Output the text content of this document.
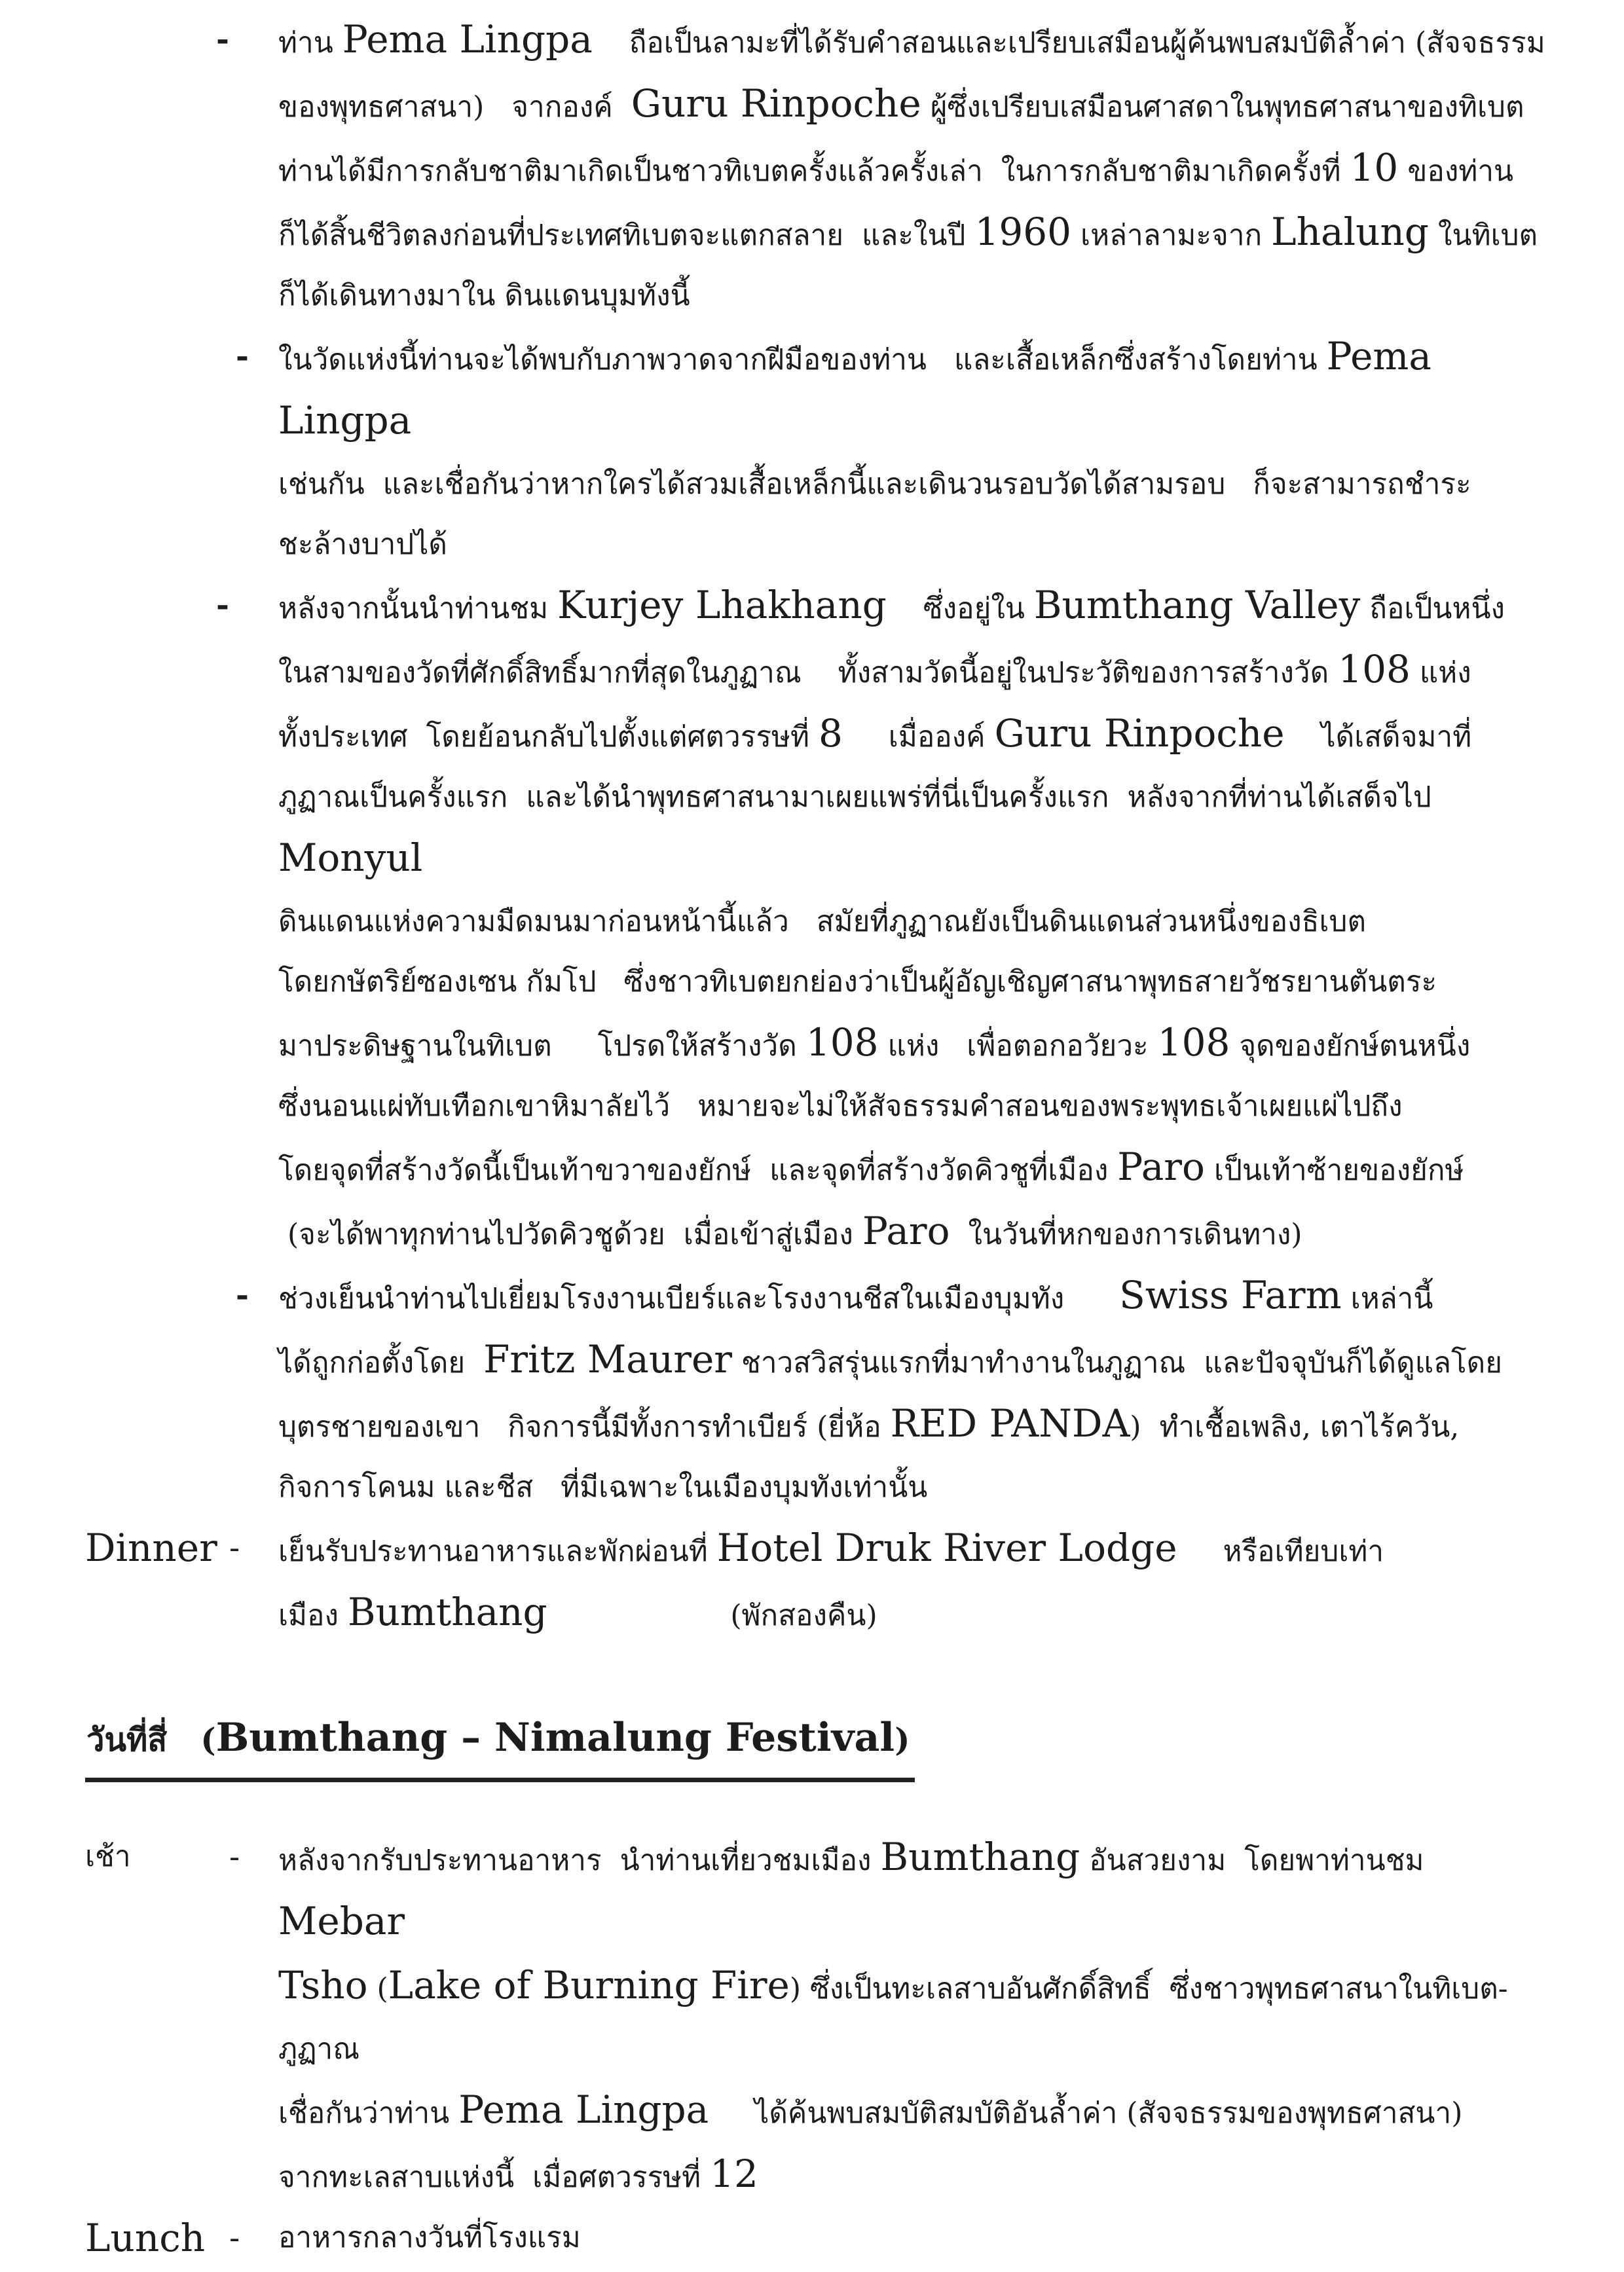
- ท่าน Pema Lingpa    ถือเป็นลามะที่ได้รับคำสอนและเปรียบเสมือนผู้ค้นพบสมบัติล้ำค่า (สัจจธรรม
ของพุทธศาสนา)   จากองค์  Guru Rinpoche ผู้ซึ่งเปรียบเสมือนศาสดาในพุทธศาสนาของทิเบต
ท่านได้มีการกลับชาติมาเกิดเป็นชาวทิเบตครั้งแล้วครั้งเล่า  ในการกลับชาติมาเกิดครั้งที่ 10 ของท่าน
ก็ได้สิ้นชีวิตลงก่อนที่ประเทศทิเบตจะแตกสลาย  และในปี 1960 เหล่าลามะจาก Lhalung ในทิเบต
ก็ได้เดินทางมาใน ดินแดนบุมทังนี้
- ในวัดแห่งนี้ท่านจะได้พบกับภาพวาดจากฝีมือของท่าน   และเสื้อเหล็กซึ่งสร้างโดยท่าน Pema Lingpa
เช่นกัน  และเชื่อกันว่าหากใครได้สวมเสื้อเหล็กนี้และเดินวนรอบวัดได้สามรอบ   ก็จะสามารถชำระ
ชะล้างบาปได้
- หลังจากนั้นนำท่านชม Kurjey Lhakhang    ซึ่งอยู่ใน Bumthang Valley ถือเป็นหนึ่ง
ในสามของวัดที่ศักดิ์สิทธิ์มากที่สุดในภูฏาณ    ทั้งสามวัดนี้อยู่ในประวัติของการสร้างวัด 108 แห่ง
ทั้งประเทศ  โดยย้อนกลับไปตั้งแต่ศตวรรษที่ 8     เมื่อองค์ Guru Rinpoche    ได้เสด็จมาที่
ภูฏาณเป็นครั้งแรก  และได้นำพุทธศาสนามาเผยแพร่ที่นี่เป็นครั้งแรก  หลังจากที่ท่านได้เสด็จไป Monyul
ดินแดนแห่งความมืดมนมาก่อนหน้านี้แล้ว   สมัยที่ภูฏาณยังเป็นดินแดนส่วนหนึ่งของธิเบต
โดยกษัตริย์ซองเซน กัมโป   ซึ่งชาวทิเบตยกย่องว่าเป็นผู้อัญเชิญศาสนาพุทธสายวัชรยานตันตระ
มาประดิษฐานในทิเบต     โปรดให้สร้างวัด 108 แห่ง   เพื่อตอกอวัยวะ 108 จุดของยักษ์ตนหนึ่ง
ซึ่งนอนแผ่ทับเทือกเขาหิมาลัยไว้   หมายจะไม่ให้สัจธรรมคำสอนของพระพุทธเจ้าเผยแผ่ไปถึง
โดยจุดที่สร้างวัดนี้เป็นเท้าขวาของยักษ์  และจุดที่สร้างวัดคิวชูที่เมือง Paro เป็นเท้าซ้ายของยักษ์
(จะได้พาทุกท่านไปวัดคิวชูด้วย  เมื่อเข้าสู่เมือง Paro  ในวันที่หกของการเดินทาง)
- ช่วงเย็นนำท่านไปเยี่ยมโรงงานเบียร์และโรงงานชีสในเมืองบุมทัง      Swiss Farm เหล่านี้
ได้ถูกก่อตั้งโดย  Fritz Maurer ชาวสวิสรุ่นแรกที่มาทำงานในภูฏาณ  และปัจจุบันก็ได้ดูแลโดย
บุตรชายของเขา   กิจการนี้มีทั้งการทำเบียร์ (ยี่ห้อ RED PANDA)  ทำเชื้อเพลิง, เตาไร้ควัน,
กิจการโคนม และชีส   ที่มีเฉพาะในเมืองบุมทังเท่านั้น
Dinner - เย็นรับประทานอาหารและพักผ่อนที่ Hotel Druk River Lodge     หรือเทียบเท่า
เมือง Bumthang                    (พักสองคืน)
วันที่สี่   (Bumthang – Nimalung Festival)
เช้า	- หลังจากรับประทานอาหาร  นำท่านเที่ยวชมเมือง Bumthang อันสวยงาม  โดยพาท่านชม Mebar
Tsho (Lake of Burning Fire) ซึ่งเป็นทะเลสาบอันศักดิ์สิทธิ์  ซึ่งชาวพุทธศาสนาในทิเบต-ภูฏาณ
เชื่อกันว่าท่าน Pema Lingpa     ได้ค้นพบสมบัติสมบัติอันล้ำค่า (สัจจธรรมของพุทธศาสนา)
จากทะเลสาบแห่งนี้  เมื่อศตวรรษที่ 12
Lunch - อาหารกลางวันที่โรงแรม
